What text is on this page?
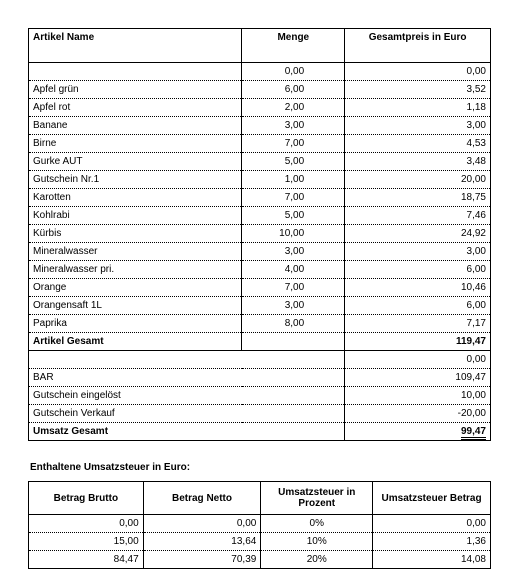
Artikel Name	Menge	Gesamtpreis in Euro
	0,00	0,00
Apfel grün	6,00	3,52
Apfel rot	2,00	1,18
Banane	3,00	3,00
Birne	7,00	4,53
Gurke AUT	5,00	3,48
Gutschein Nr.1	1,00	20,00
Karotten	7,00	18,75
Kohlrabi	5,00	7,46
Kürbis	10,00	24,92
Mineralwasser	3,00	3,00
Mineralwasser pri.	4,00	6,00
Orange	7,00	10,46
Orangensaft 1L	3,00	6,00
Paprika	8,00	7,17
Artikel Gesamt		119,47
		0,00
BAR		109,47
Gutschein eingelöst		10,00
Gutschein Verkauf		-20,00
Umsatz Gesamt		99,47
Enthaltene Umsatzsteuer in Euro:
Betrag Brutto	Betrag Netto	Umsatzsteuer in Prozent	Umsatzsteuer Betrag
0,00	0,00	0%	0,00
15,00	13,64	10%	1,36
84,47	70,39	20%	14,08
